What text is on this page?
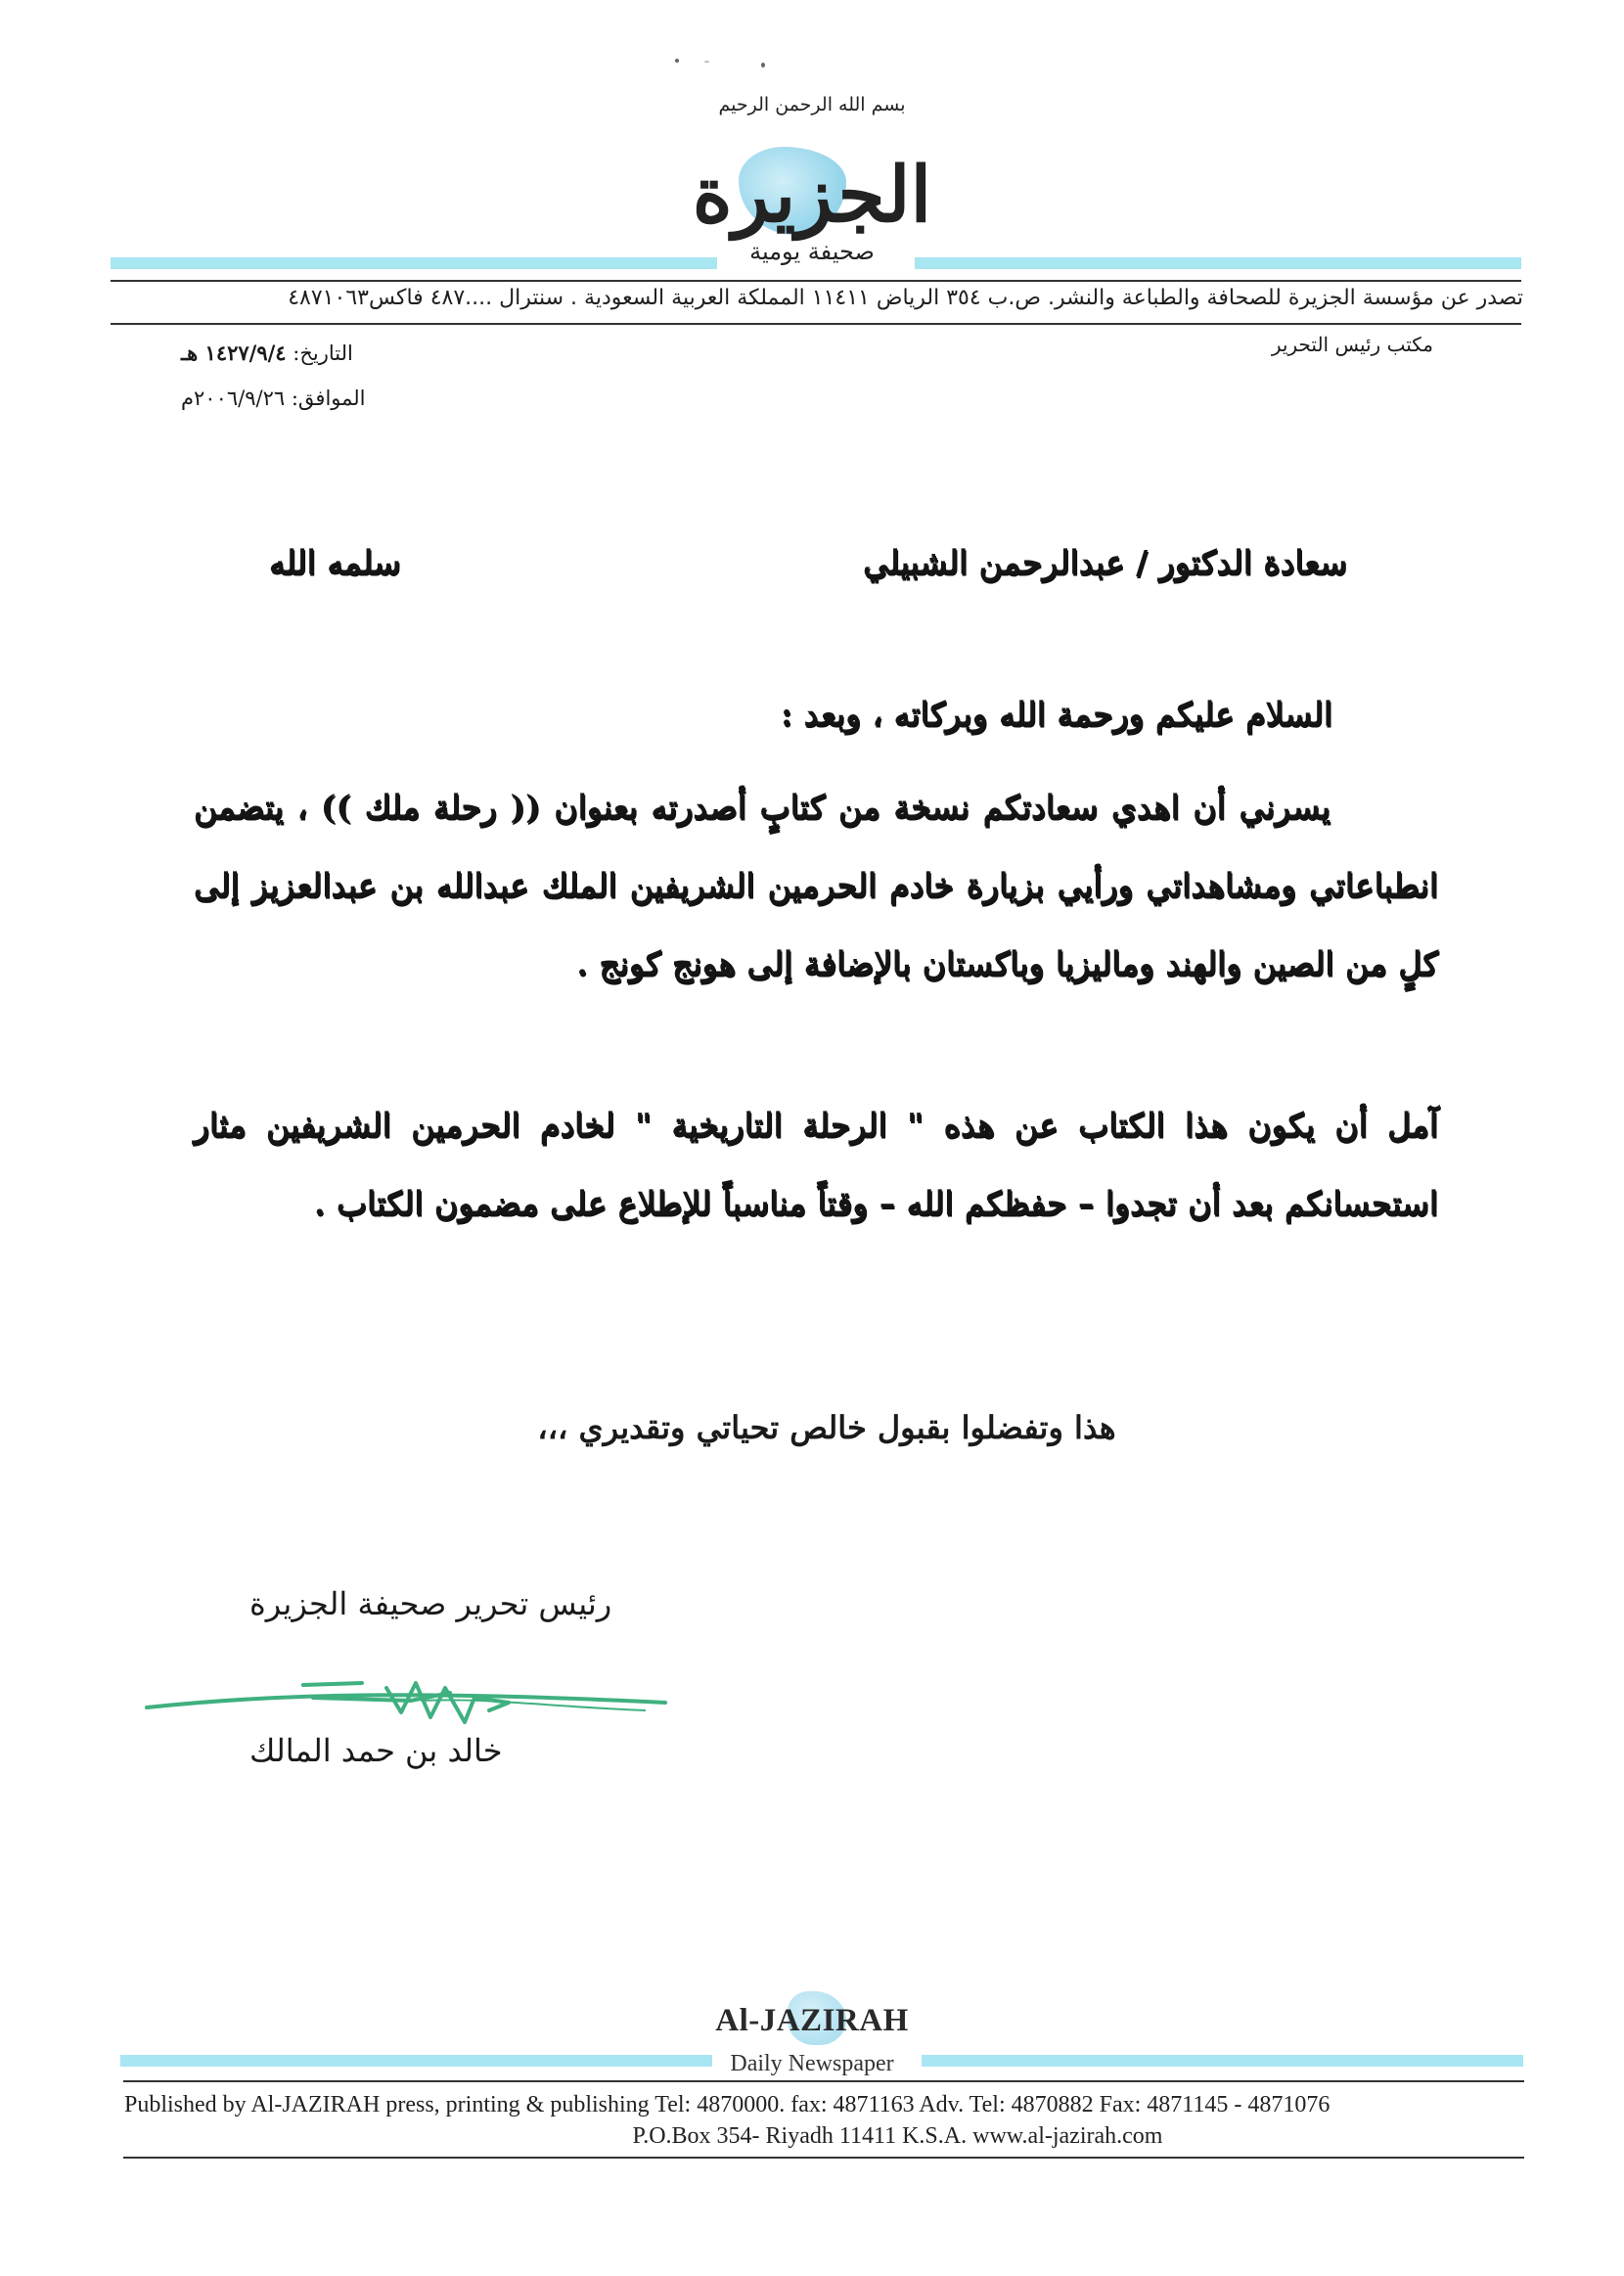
بسم الله الرحمن الرحيم
الجزيرة
صحيفة يومية
تصدر عن مؤسسة الجزيرة للصحافة والطباعة والنشر. ص.ب ٣٥٤ الرياض ١١٤١١ المملكة العربية السعودية . سنترال ....٤٨٧ فاكس٤٨٧١٠٦٣
مكتب رئيس التحرير
التاريخ: ١٤٢٧/٩/٤ هـ
الموافق: ٢٠٠٦/٩/٢٦م
سعادة الدكتور / عبدالرحمن الشبيلي
سلمه الله
السلام عليكم ورحمة الله وبركاته ، وبعد :
يسرني أن اهدي سعادتكم نسخة من كتابٍ أصدرته بعنوان (( رحلة ملك )) ، يتضمن انطباعاتي ومشاهداتي ورأيي بزيارة خادم الحرمين الشريفين الملك عبدالله بن عبدالعزيز إلى كلٍ من الصين والهند وماليزيا وباكستان بالإضافة إلى هونج كونج .
آمل أن يكون هذا الكتاب عن هذه " الرحلة التاريخية " لخادم الحرمين الشريفين مثار استحسانكم بعد أن تجدوا – حفظكم الله – وقتاً مناسباً للإطلاع على مضمون الكتاب .
هذا وتفضلوا بقبول خالص تحياتي وتقديري ،،،
رئيس تحرير صحيفة الجزيرة
خالد بن حمد المالك
Al-JAZIRAH
Daily Newspaper
Published by Al-JAZIRAH press, printing & publishing Tel: 4870000. fax: 4871163 Adv. Tel: 4870882 Fax: 4871145 - 4871076
P.O.Box 354- Riyadh 11411 K.S.A. www.al-jazirah.com
